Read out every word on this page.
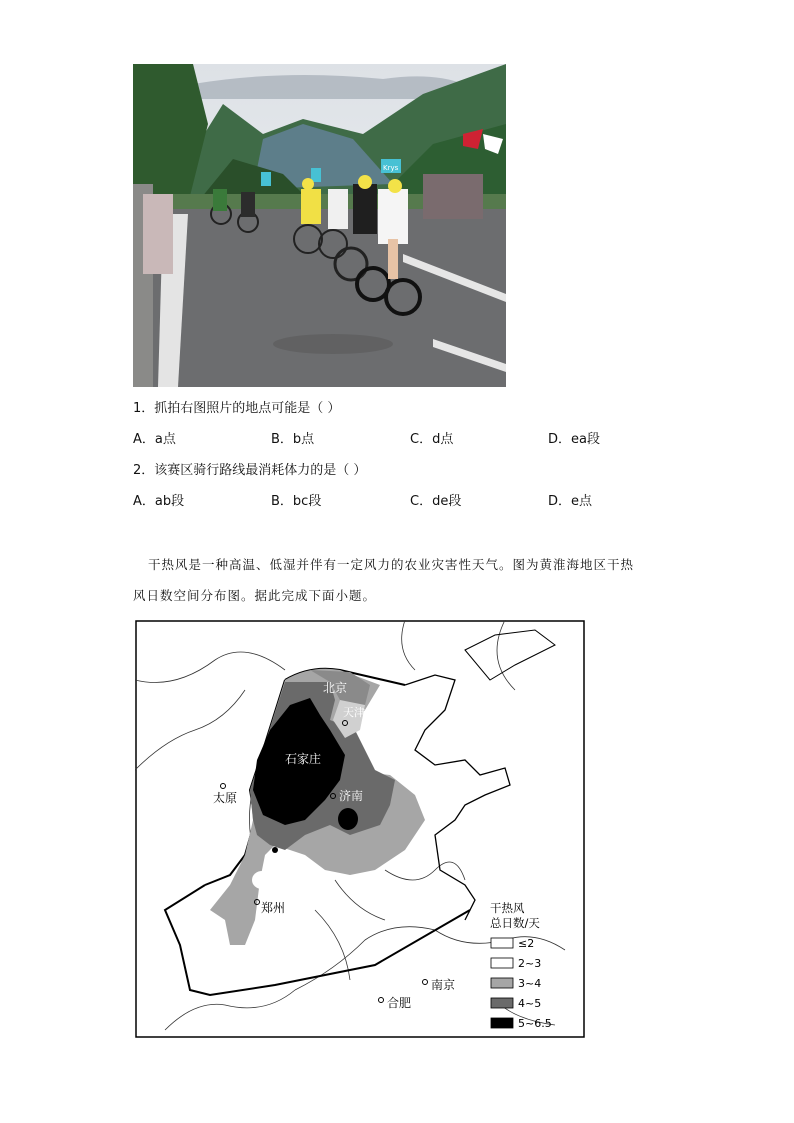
Krys
1．抓拍右图照片的地点可能是（ ）
A．a点	B．b点	C．d点	D．ea段
2．该赛区骑行路线最消耗体力的是（ ）
A．ab段	B．bc段	C．de段	D．e点
干热风是一种高温、低湿并伴有一定风力的农业灾害性天气。图为黄淮海地区干热
风日数空间分布图。据此完成下面小题。
北京
天津
石家庄
济南
太原
郑州
南京
合肥
干热风
总日数/天
≤2
2~3
3~4
4~5
5~6.5
